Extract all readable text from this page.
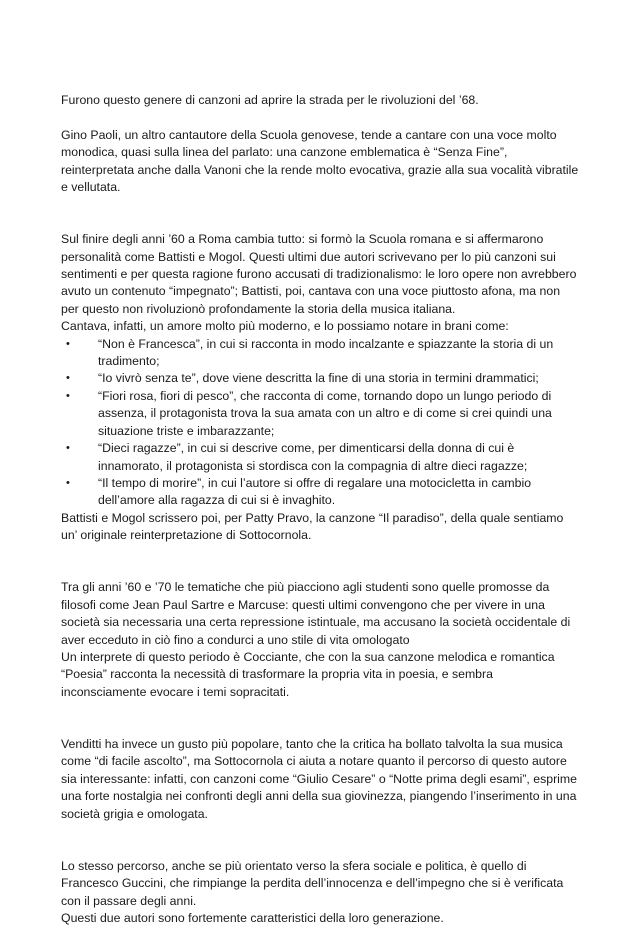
Furono questo genere di canzoni ad aprire la strada per le rivoluzioni del ’68.

Gino Paoli, un altro cantautore della Scuola genovese, tende a cantare con una voce molto monodica, quasi sulla linea del parlato: una canzone emblematica è “Senza Fine”, reinterpretata anche dalla Vanoni che la rende molto evocativa, grazie alla sua vocalità vibratile e vellutata.

Sul finire degli anni ’60 a Roma cambia tutto: si formò la Scuola romana e si affermarono personalità come Battisti e Mogol. Questi ultimi due autori scrivevano per lo più canzoni sui sentimenti e per questa ragione furono accusati di tradizionalismo: le loro opere non avrebbero avuto un contenuto “impegnato”; Battisti, poi, cantava con una voce piuttosto afona, ma non per questo non rivoluzionò profondamente la storia della musica italiana.

Cantava, infatti, un amore molto più moderno, e lo possiamo notare in brani come:

• “Non è Francesca”, in cui si racconta in modo incalzante e spiazzante la storia di un tradimento;
• “Io vivrò senza te”, dove viene descritta la fine di una storia in termini drammatici;
• “Fiori rosa, fiori di pesco”, che racconta di come, tornando dopo un lungo periodo di assenza, il protagonista trova la sua amata con un altro e di come si crei quindi una situazione triste e imbarazzante;
• “Dieci ragazze”, in cui si descrive come, per dimenticarsi della donna di cui è innamorato, il protagonista si stordisca con la compagnia di altre dieci ragazze;
• “Il tempo di morire”, in cui l’autore si offre di regalare una motocicletta in cambio dell’amore alla ragazza di cui si è invaghito.

Battisti e Mogol scrissero poi, per Patty Pravo, la canzone “Il paradiso”, della quale sentiamo un’ originale reinterpretazione di Sottocornola.

Tra gli anni ’60 e ’70 le tematiche che più piacciono agli studenti sono quelle promosse da filosofi come Jean Paul Sartre e Marcuse: questi ultimi convengono che per vivere in una società sia necessaria una certa repressione istintuale, ma accusano la società occidentale di aver ecceduto in ciò fino a condurci a uno stile di vita omologato

Un interprete di questo periodo è Cocciante, che con la sua canzone melodica e romantica “Poesia” racconta la necessità di trasformare la propria vita in poesia, e sembra inconsciamente evocare i temi sopracitati.

Venditti ha invece un gusto più popolare, tanto che la critica ha bollato talvolta la sua musica come “di facile ascolto”, ma Sottocornola ci aiuta a notare quanto il percorso di questo autore sia interessante: infatti, con canzoni come “Giulio Cesare” o “Notte prima degli esami”, esprime una forte nostalgia nei confronti degli anni della sua giovinezza, piangendo l’inserimento in una società grigia e omologata.

Lo stesso percorso, anche se più orientato verso la sfera sociale e politica, è quello di Francesco Guccini, che rimpiange la perdita dell’innocenza e dell’impegno che si è verificata con il passare degli anni.

Questi due autori sono fortemente caratteristici della loro generazione.
